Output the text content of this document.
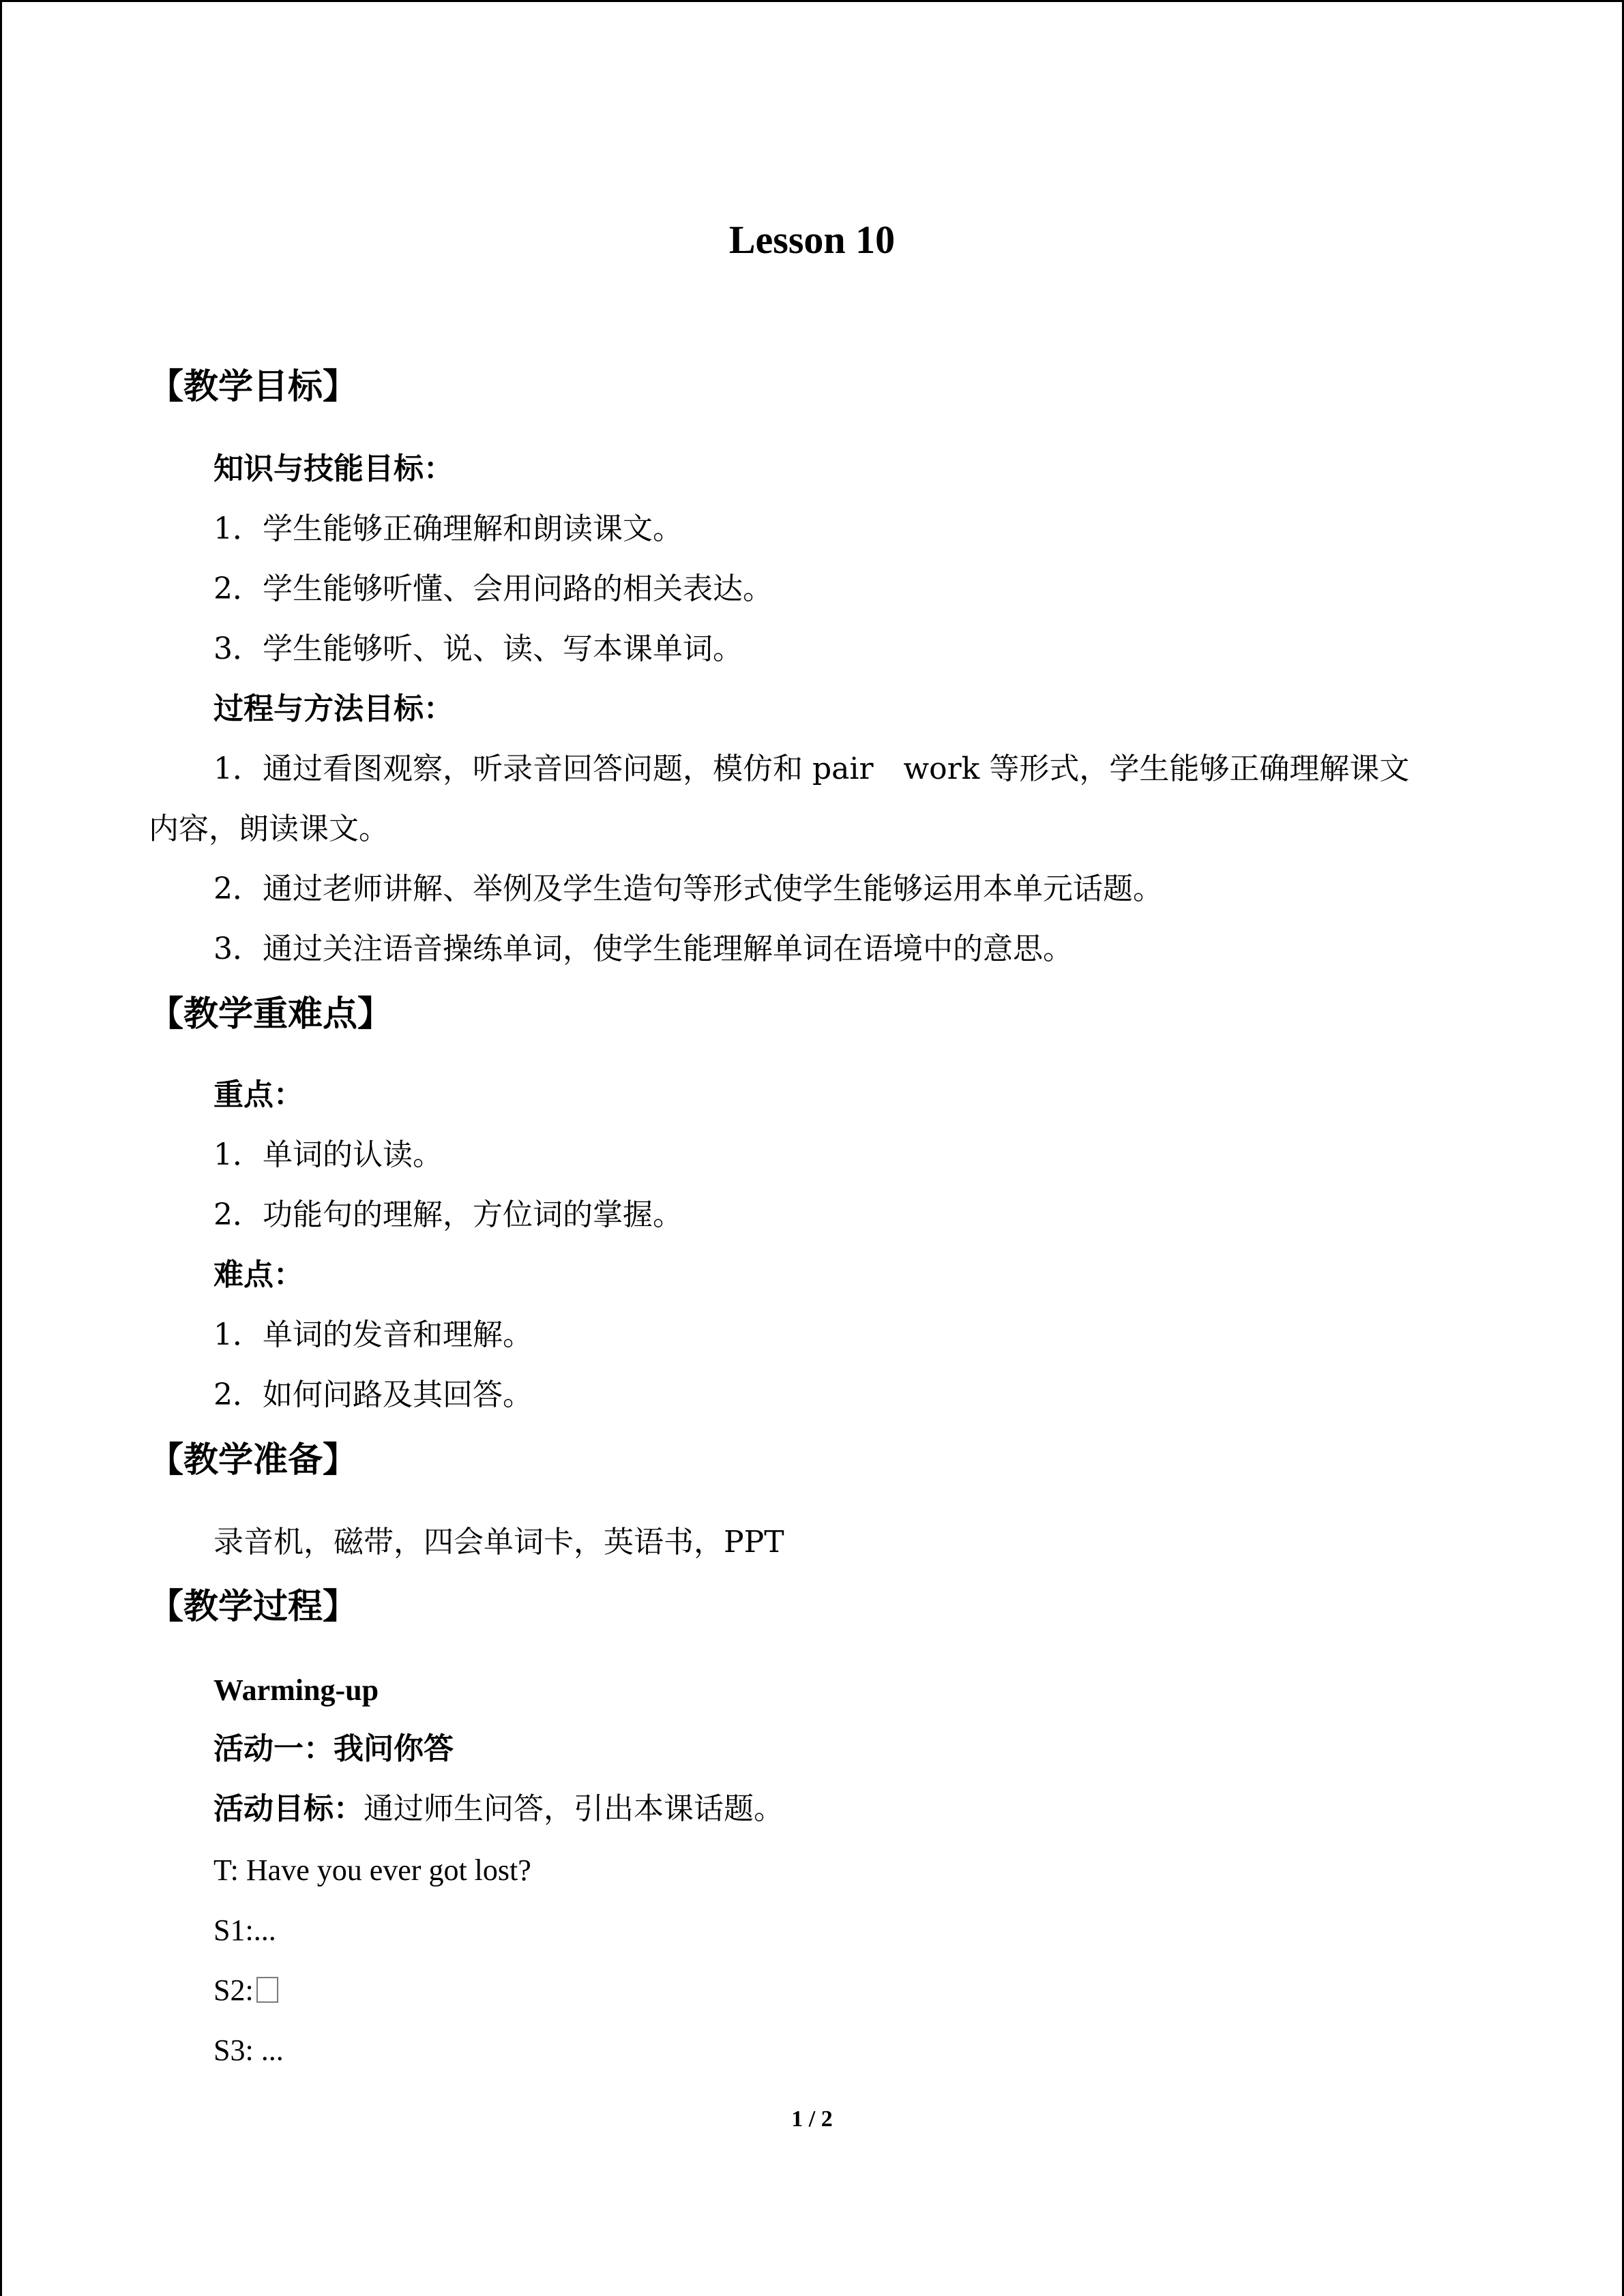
Lesson 10
【教学目标】
知识与技能目标：
1．学生能够正确理解和朗读课文。
2．学生能够听懂、会用问路的相关表达。
3．学生能够听、说、读、写本课单词。
过程与方法目标：
1．通过看图观察，听录音回答问题，模仿和 pair　work 等形式，学生能够正确理解课文
内容，朗读课文。
2．通过老师讲解、举例及学生造句等形式使学生能够运用本单元话题。
3．通过关注语音操练单词，使学生能理解单词在语境中的意思。
【教学重难点】
重点：
1．单词的认读。
2．功能句的理解，方位词的掌握。
难点：
1．单词的发音和理解。
2．如何问路及其回答。
【教学准备】
录音机，磁带，四会单词卡，英语书，PPT
【教学过程】
Warming-up
活动一：我问你答
活动目标：通过师生问答，引出本课话题。
T: Have you ever got lost?
S1:...
S2:
S3: ...
1 / 2
